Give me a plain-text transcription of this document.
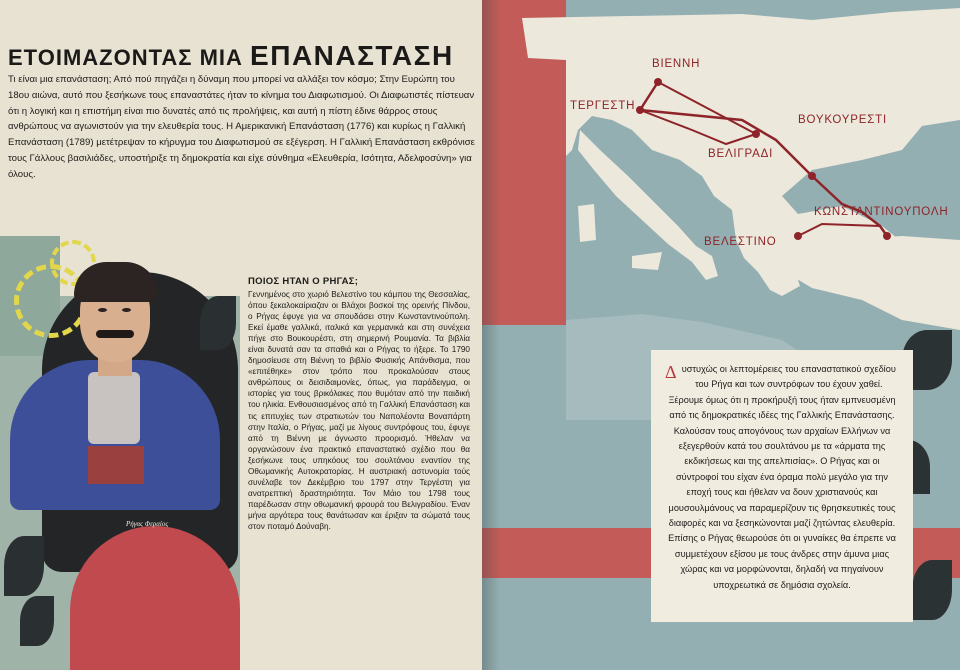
ΕΤΟΙΜΑΖΟΝΤΑΣ ΜΙΑ ΕΠΑΝΑΣΤΑΣΗ

Τι είναι μια επανάσταση; Από πού πηγάζει η δύναμη που μπορεί να αλλάξει τον κόσμο; Στην Ευρώπη του 18ου αιώνα, αυτό που ξεσήκωνε τους επαναστάτες ήταν το κίνημα του Διαφωτισμού. Οι Διαφωτιστές πίστευαν ότι η λογική και η επιστήμη είναι πιο δυνατές από τις προλήψεις, και αυτή η πίστη έδινε θάρρος στους ανθρώπους να αγωνιστούν για την ελευθερία τους. Η Αμερικανική Επανάσταση (1776) και κυρίως η Γαλλική Επανάσταση (1789) μετέτρεψαν το κήρυγμα του Διαφωτισμού σε εξέγερση. Η Γαλλική Επανάσταση εκθρόνισε τους Γάλλους βασιλιάδες, υποστήριξε τη δημοκρατία και είχε σύνθημα «Ελευθερία, Ισότητα, Αδελφοσύνη» για όλους.

Ρήγας Φεραίος
ΠΟΙΟΣ ΗΤΑΝ Ο ΡΗΓΑΣ;

Γεννημένος στο χωριό Βελεστίνο του κάμπου της Θεσσαλίας, όπου ξεκαλοκαίριαζαν οι Βλάχοι βοσκοί της ορεινής Πίνδου, ο Ρήγας έφυγε για να σπουδάσει στην Κωνσταντινούπολη. Εκεί έμαθε γαλλικά, ιταλικά και γερμανικά και στη συνέχεια πήγε στο Βουκουρέστι, στη σημερινή Ρουμανία. Τα βιβλία είναι δυνατά σαν τα σπαθιά και ο Ρήγας το ήξερε. Το 1790 δημοσίευσε στη Βιέννη το βιβλίο Φυσικής Απάνθισμα, που «επιτέθηκε» στον τρόπο που προκαλούσαν στους ανθρώπους οι δεισιδαιμονίες, όπως, για παράδειγμα, οι ιστορίες για τους βρικόλακες που θυμόταν από την παιδική του ηλικία. Ενθουσιασμένος από τη Γαλλική Επανάσταση και τις επιτυχίες των στρατιωτών του Ναπολέοντα Βοναπάρτη στην Ιταλία, ο Ρήγας, μαζί με λίγους συντρόφους του, έφυγε από τη Βιέννη με άγνωστο προορισμό. Ήθελαν να οργανώσουν ένα πρακτικό επαναστατικό σχέδιο που θα ξεσήκωνε τους υπηκόους του σουλτάνου εναντίον της Οθωμανικής Αυτοκρατορίας. Η αυστριακή αστυνομία τούς συνέλαβε τον Δεκέμβριο του 1797 στην Τεργέστη για ανατρεπτική δραστηριότητα. Τον Μάιο του 1798 τους παρέδωσαν στην οθωμανική φρουρά του Βελιγραδίου. Έναν μήνα αργότερα τους θανάτωσαν και έριξαν τα σώματά τους στον ποταμό Δούναβη.

ΒΙΕΝΝΗ
ΤΕΡΓΕΣΤΗ
ΒΟΥΚΟΥΡΕΣΤΙ
ΒΕΛΙΓΡΑΔΙ
ΚΩΝΣΤΑΝΤΙΝΟΥΠΟΛΗ
ΒΕΛΕΣΤΙΝΟ

Δυστυχώς οι λεπτομέρειες του επαναστατικού σχεδίου του Ρήγα και των συντρόφων του έχουν χαθεί. Ξέρουμε όμως ότι η προκήρυξή τους ήταν εμπνευσμένη από τις δημοκρατικές ιδέες της Γαλλικής Επανάστασης. Καλούσαν τους απογόνους των αρχαίων Ελλήνων να εξεγερθούν κατά του σουλτάνου με τα «άρματα της εκδικήσεως και της απελπισίας». Ο Ρήγας και οι σύντροφοί του είχαν ένα όραμα πολύ μεγάλο για την εποχή τους και ήθελαν να δουν χριστιανούς και μουσουλμάνους να παραμερίζουν τις θρησκευτικές τους διαφορές και να ξεσηκώνονται μαζί ζητώντας ελευθερία. Επίσης ο Ρήγας θεωρούσε ότι οι γυναίκες θα έπρεπε να συμμετέχουν εξίσου με τους άνδρες στην άμυνα μιας χώρας και να μορφώνονται, δηλαδή να πηγαίνουν υποχρεωτικά σε δημόσια σχολεία.
